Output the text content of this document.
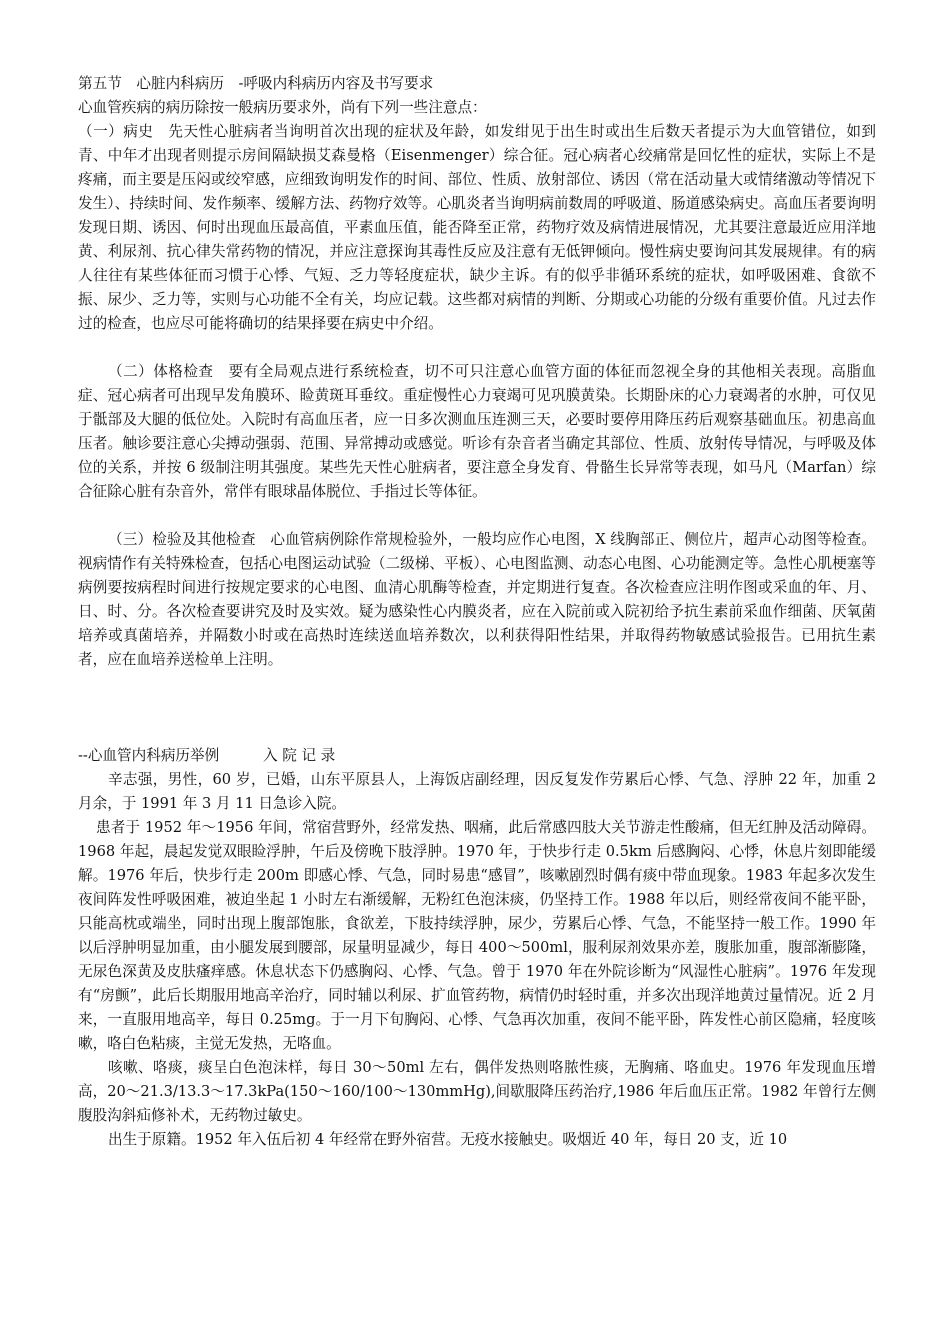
第五节　心脏内科病历　-呼吸内科病历内容及书写要求

心血管疾病的病历除按一般病历要求外，尚有下列一些注意点：

（一）病史　先天性心脏病者当询明首次出现的症状及年龄，如发绀见于出生时或出生后数天者提示为大血管错位，如到青、中年才出现者则提示房间隔缺损艾森曼格（Eisenmenger）综合征。冠心病者心绞痛常是回忆性的症状，实际上不是疼痛，而主要是压闷或绞窄感，应细致询明发作的时间、部位、性质、放射部位、诱因（常在活动量大或情绪激动等情况下发生）、持续时间、发作频率、缓解方法、药物疗效等。心肌炎者当询明病前数周的呼吸道、肠道感染病史。高血压者要询明发现日期、诱因、何时出现血压最高值，平素血压值，能否降至正常，药物疗效及病情进展情况，尤其要注意最近应用洋地黄、利尿剂、抗心律失常药物的情况，并应注意探询其毒性反应及注意有无低钾倾向。慢性病史要询问其发展规律。有的病人往往有某些体征而习惯于心悸、气短、乏力等轻度症状，缺少主诉。有的似乎非循环系统的症状，如呼吸困难、食欲不振、尿少、乏力等，实则与心功能不全有关，均应记载。这些都对病情的判断、分期或心功能的分级有重要价值。凡过去作过的检查，也应尽可能将确切的结果择要在病史中介绍。

（二）体格检查　要有全局观点进行系统检查，切不可只注意心血管方面的体征而忽视全身的其他相关表现。高脂血症、冠心病者可出现早发角膜环、睑黄斑耳垂纹。重症慢性心力衰竭可见巩膜黄染。长期卧床的心力衰竭者的水肿，可仅见于骶部及大腿的低位处。入院时有高血压者，应一日多次测血压连测三天，必要时要停用降压药后观察基础血压。初患高血压者。触诊要注意心尖搏动强弱、范围、异常搏动或感觉。听诊有杂音者当确定其部位、性质、放射传导情况，与呼吸及体位的关系，并按 6 级制注明其强度。某些先天性心脏病者，要注意全身发育、骨骼生长异常等表现，如马凡（Marfan）综合征除心脏有杂音外，常伴有眼球晶体脱位、手指过长等体征。

（三）检验及其他检查　心血管病例除作常规检验外，一般均应作心电图，X 线胸部正、侧位片，超声心动图等检查。视病情作有关特殊检查，包括心电图运动试验（二级梯、平板）、心电图监测、动态心电图、心功能测定等。急性心肌梗塞等病例要按病程时间进行按规定要求的心电图、血清心肌酶等检查，并定期进行复查。各次检查应注明作图或采血的年、月、日、时、分。各次检查要讲究及时及实效。疑为感染性心内膜炎者，应在入院前或入院初给予抗生素前采血作细菌、厌氧菌培养或真菌培养，并隔数小时或在高热时连续送血培养数次，以利获得阳性结果，并取得药物敏感试验报告。已用抗生素者，应在血培养送检单上注明。

--心血管内科病历举例　　　入 院 记 录

辛志强，男性，60 岁，已婚，山东平原县人，上海饭店副经理，因反复发作劳累后心悸、气急、浮肿 22 年，加重 2 月余，于 1991 年 3 月 11 日急诊入院。

患者于 1952 年～1956 年间，常宿营野外，经常发热、咽痛，此后常感四肢大关节游走性酸痛，但无红肿及活动障碍。1968 年起，晨起发觉双眼睑浮肿，午后及傍晚下肢浮肿。1970 年，于快步行走 0.5km 后感胸闷、心悸，休息片刻即能缓解。1976 年后，快步行走 200m 即感心悸、气急，同时易患“感冒”，咳嗽剧烈时偶有痰中带血现象。1983 年起多次发生夜间阵发性呼吸困难，被迫坐起 1 小时左右渐缓解，无粉红色泡沫痰，仍坚持工作。1988 年以后，则经常夜间不能平卧，只能高枕或端坐，同时出现上腹部饱胀，食欲差，下肢持续浮肿，尿少，劳累后心悸、气急，不能坚持一般工作。1990 年以后浮肿明显加重，由小腿发展到腰部，尿量明显减少，每日 400～500ml，服利尿剂效果亦差，腹胀加重，腹部渐膨隆，无尿色深黄及皮肤瘙痒感。休息状态下仍感胸闷、心悸、气急。曾于 1970 年在外院诊断为“风湿性心脏病”。1976 年发现有“房颤”，此后长期服用地高辛治疗，同时辅以利尿、扩血管药物，病情仍时轻时重，并多次出现洋地黄过量情况。近 2 月来，一直服用地高辛，每日 0.25mg。于一月下旬胸闷、心悸、气急再次加重，夜间不能平卧，阵发性心前区隐痛，轻度咳嗽，咯白色粘痰，主觉无发热，无咯血。

咳嗽、咯痰，痰呈白色泡沫样，每日 30～50ml 左右，偶伴发热则咯脓性痰，无胸痛、咯血史。1976 年发现血压增高，20～21.3/13.3～17.3kPa(150～160/100～130mmHg),间歇服降压药治疗,1986 年后血压正常。1982 年曾行左侧腹股沟斜疝修补术，无药物过敏史。

出生于原籍。1952 年入伍后初 4 年经常在野外宿营。无疫水接触史。吸烟近 40 年，每日 20 支，近 10
